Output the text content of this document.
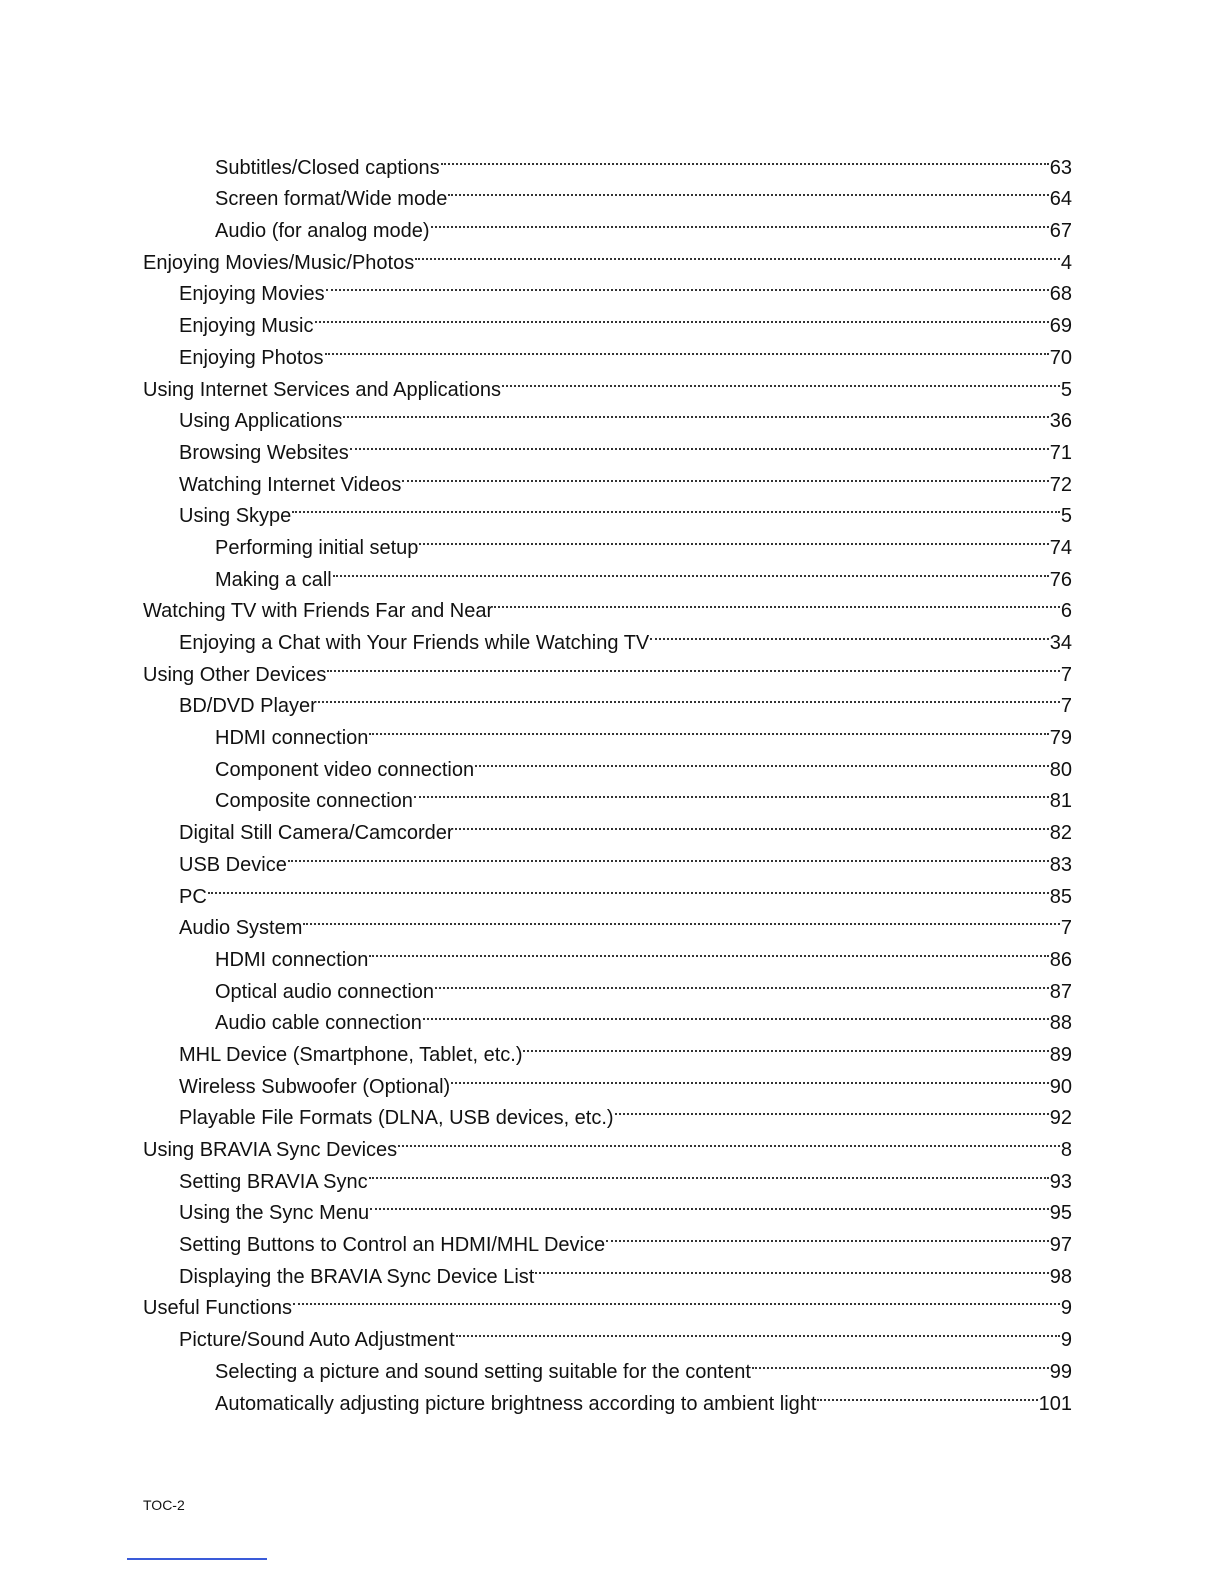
Subtitles/Closed captions	63
Screen format/Wide mode	64
Audio (for analog mode)	67
Enjoying Movies/Music/Photos	4
Enjoying Movies	68
Enjoying Music	69
Enjoying Photos	70
Using Internet Services and Applications	5
Using Applications	36
Browsing Websites	71
Watching Internet Videos	72
Using Skype	5
Performing initial setup	74
Making a call	76
Watching TV with Friends Far and Near	6
Enjoying a Chat with Your Friends while Watching TV	34
Using Other Devices	7
BD/DVD Player	7
HDMI connection	79
Component video connection	80
Composite connection	81
Digital Still Camera/Camcorder	82
USB Device	83
PC	85
Audio System	7
HDMI connection	86
Optical audio connection	87
Audio cable connection	88
MHL Device (Smartphone, Tablet, etc.)	89
Wireless Subwoofer (Optional)	90
Playable File Formats (DLNA, USB devices, etc.)	92
Using BRAVIA Sync Devices	8
Setting BRAVIA Sync	93
Using the Sync Menu	95
Setting Buttons to Control an HDMI/MHL Device	97
Displaying the BRAVIA Sync Device List	98
Useful Functions	9
Picture/Sound Auto Adjustment	9
Selecting a picture and sound setting suitable for the content	99
Automatically adjusting picture brightness according to ambient light	101
TOC-2
